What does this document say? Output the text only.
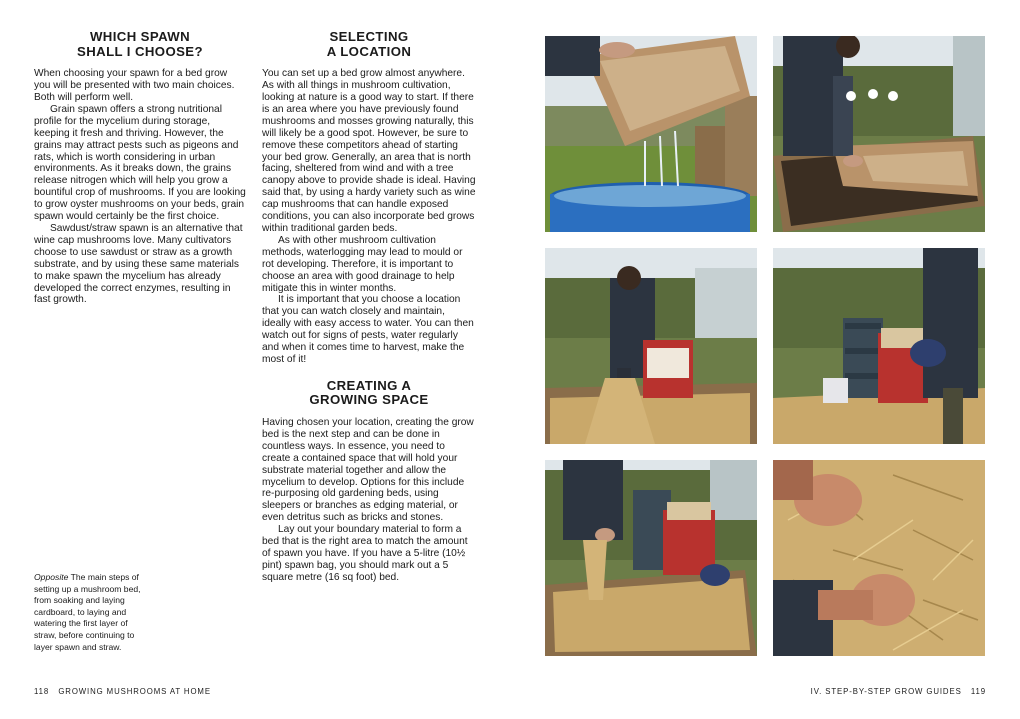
WHICH SPAWN
SHALL I CHOOSE?

When choosing your spawn for a bed grow you will be presented with two main choices. Both will perform well.

Grain spawn offers a strong nutritional profile for the mycelium during storage, keeping it fresh and thriving. However, the grains may attract pests such as pigeons and rats, which is worth considering in urban environments. As it breaks down, the grains release nitrogen which will help you grow a bountiful crop of mushrooms. If you are looking to grow oyster mushrooms on your beds, grain spawn would certainly be the first choice.

Sawdust/straw spawn is an alternative that wine cap mushrooms love. Many cultivators choose to use sawdust or straw as a growth substrate, and by using these same materials to make spawn the mycelium has already developed the correct enzymes, resulting in fast growth.

SELECTING
A LOCATION

You can set up a bed grow almost anywhere. As with all things in mushroom cultivation, looking at nature is a good way to start. If there is an area where you have previously found mushrooms and mosses growing naturally, this will likely be a good spot. However, be sure to remove these competitors ahead of starting your bed grow. Generally, an area that is north facing, sheltered from wind and with a tree canopy above to provide shade is ideal. Having said that, by using a hardy variety such as wine cap mushrooms that can handle exposed conditions, you can also incorporate bed grows within traditional garden beds.

As with other mushroom cultivation methods, waterlogging may lead to mould or rot developing. Therefore, it is important to choose an area with good drainage to help mitigate this in winter months.

It is important that you choose a location that you can watch closely and maintain, ideally with easy access to water. You can then watch out for signs of pests, water regularly and when it comes time to harvest, make the most of it!

CREATING A
GROWING SPACE

Having chosen your location, creating the grow bed is the next step and can be done in countless ways. In essence, you need to create a contained space that will hold your substrate material together and allow the mycelium to develop. Options for this include re-purposing old gardening beds, using sleepers or branches as edging material, or even detritus such as bricks and stones.

Lay out your boundary material to form a bed that is the right area to match the amount of spawn you have. If you have a 5-litre (10½ pint) spawn bag, you should mark out a 5 square metre (16 sq foot) bed.

Opposite The main steps of setting up a mushroom bed, from soaking and laying cardboard, to laying and watering the first layer of straw, before continuing to layer spawn and straw.
118   GROWING MUSHROOMS AT HOME	IV. STEP-BY-STEP GROW GUIDES   119
